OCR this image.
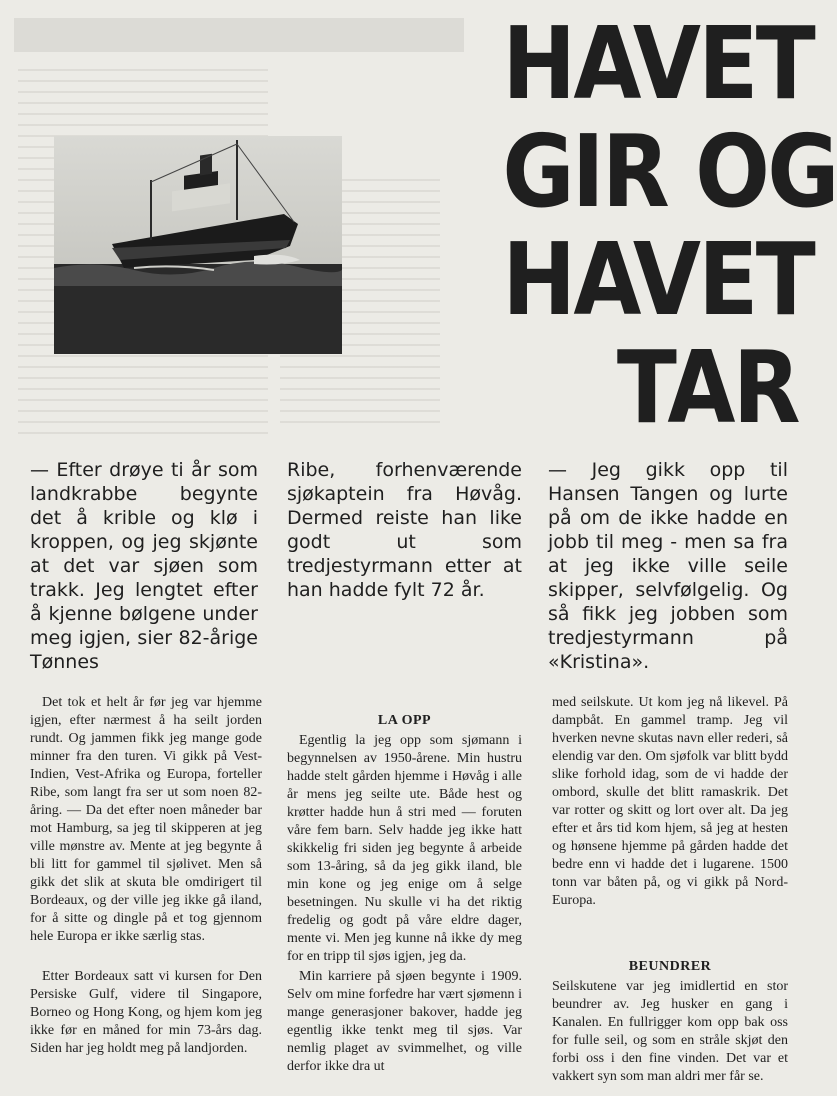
HAVET
GIR OG
HAVET
TAR

— Efter drøye ti år som landkrabbe begynte det å krible og klø i kroppen, og jeg skjønte at det var sjøen som trakk. Jeg lengtet efter å kjenne bølgene under meg igjen, sier 82-årige Tønnes

Ribe, forhenværende sjøkaptein fra Høvåg. Dermed reiste han like godt ut som tredjestyrmann etter at han hadde fylt 72 år.

— Jeg gikk opp til Hansen Tangen og lurte på om de ikke hadde en jobb til meg - men sa fra at jeg ikke ville seile skipper, selvfølgelig. Og så fikk jeg jobben som tredjestyrmann på «Kristina».

Det tok et helt år før jeg var hjemme igjen, efter nærmest å ha seilt jorden rundt. Og jammen fikk jeg mange gode minner fra den turen. Vi gikk på Vest-Indien, Vest-Afrika og Europa, forteller Ribe, som langt fra ser ut som noen 82-åring. — Da det efter noen måneder bar mot Hamburg, sa jeg til skipperen at jeg ville mønstre av. Mente at jeg begynte å bli litt for gammel til sjølivet. Men så gikk det slik at skuta ble omdirigert til Bordeaux, og der ville jeg ikke gå iland, for å sitte og dingle på et tog gjennom hele Europa er ikke særlig stas.

Etter Bordeaux satt vi kursen for Den Persiske Gulf, videre til Singapore, Borneo og Hong Kong, og hjem kom jeg ikke før en måned for min 73-års dag. Siden har jeg holdt meg på landjorden.

LA OPP

Egentlig la jeg opp som sjømann i begynnelsen av 1950-årene. Min hustru hadde stelt gården hjemme i Høvåg i alle år mens jeg seilte ute. Både hest og krøtter hadde hun å stri med — foruten våre fem barn. Selv hadde jeg ikke hatt skikkelig fri siden jeg begynte å arbeide som 13-åring, så da jeg gikk iland, ble min kone og jeg enige om å selge besetningen. Nu skulle vi ha det riktig fredelig og godt på våre eldre dager, mente vi. Men jeg kunne nå ikke dy meg for en tripp til sjøs igjen, jeg da.

Min karriere på sjøen begynte i 1909. Selv om mine forfedre har vært sjømenn i mange generasjoner bakover, hadde jeg egentlig ikke tenkt meg til sjøs. Var nemlig plaget av svimmelhet, og ville derfor ikke dra ut

med seilskute. Ut kom jeg nå likevel. På dampbåt. En gammel tramp. Jeg vil hverken nevne skutas navn eller rederi, så elendig var den. Om sjøfolk var blitt bydd slike forhold idag, som de vi hadde der ombord, skulle det blitt ramaskrik. Det var rotter og skitt og lort over alt. Da jeg efter et års tid kom hjem, så jeg at hesten og hønsene hjemme på gården hadde det bedre enn vi hadde det i lugarene. 1500 tonn var båten på, og vi gikk på Nord-Europa.

BEUNDRER

Seilskutene var jeg imidlertid en stor beundrer av. Jeg husker en gang i Kanalen. En fullrigger kom opp bak oss for fulle seil, og som en stråle skjøt den forbi oss i den fine vinden. Det var et vakkert syn som man aldri mer får se.
